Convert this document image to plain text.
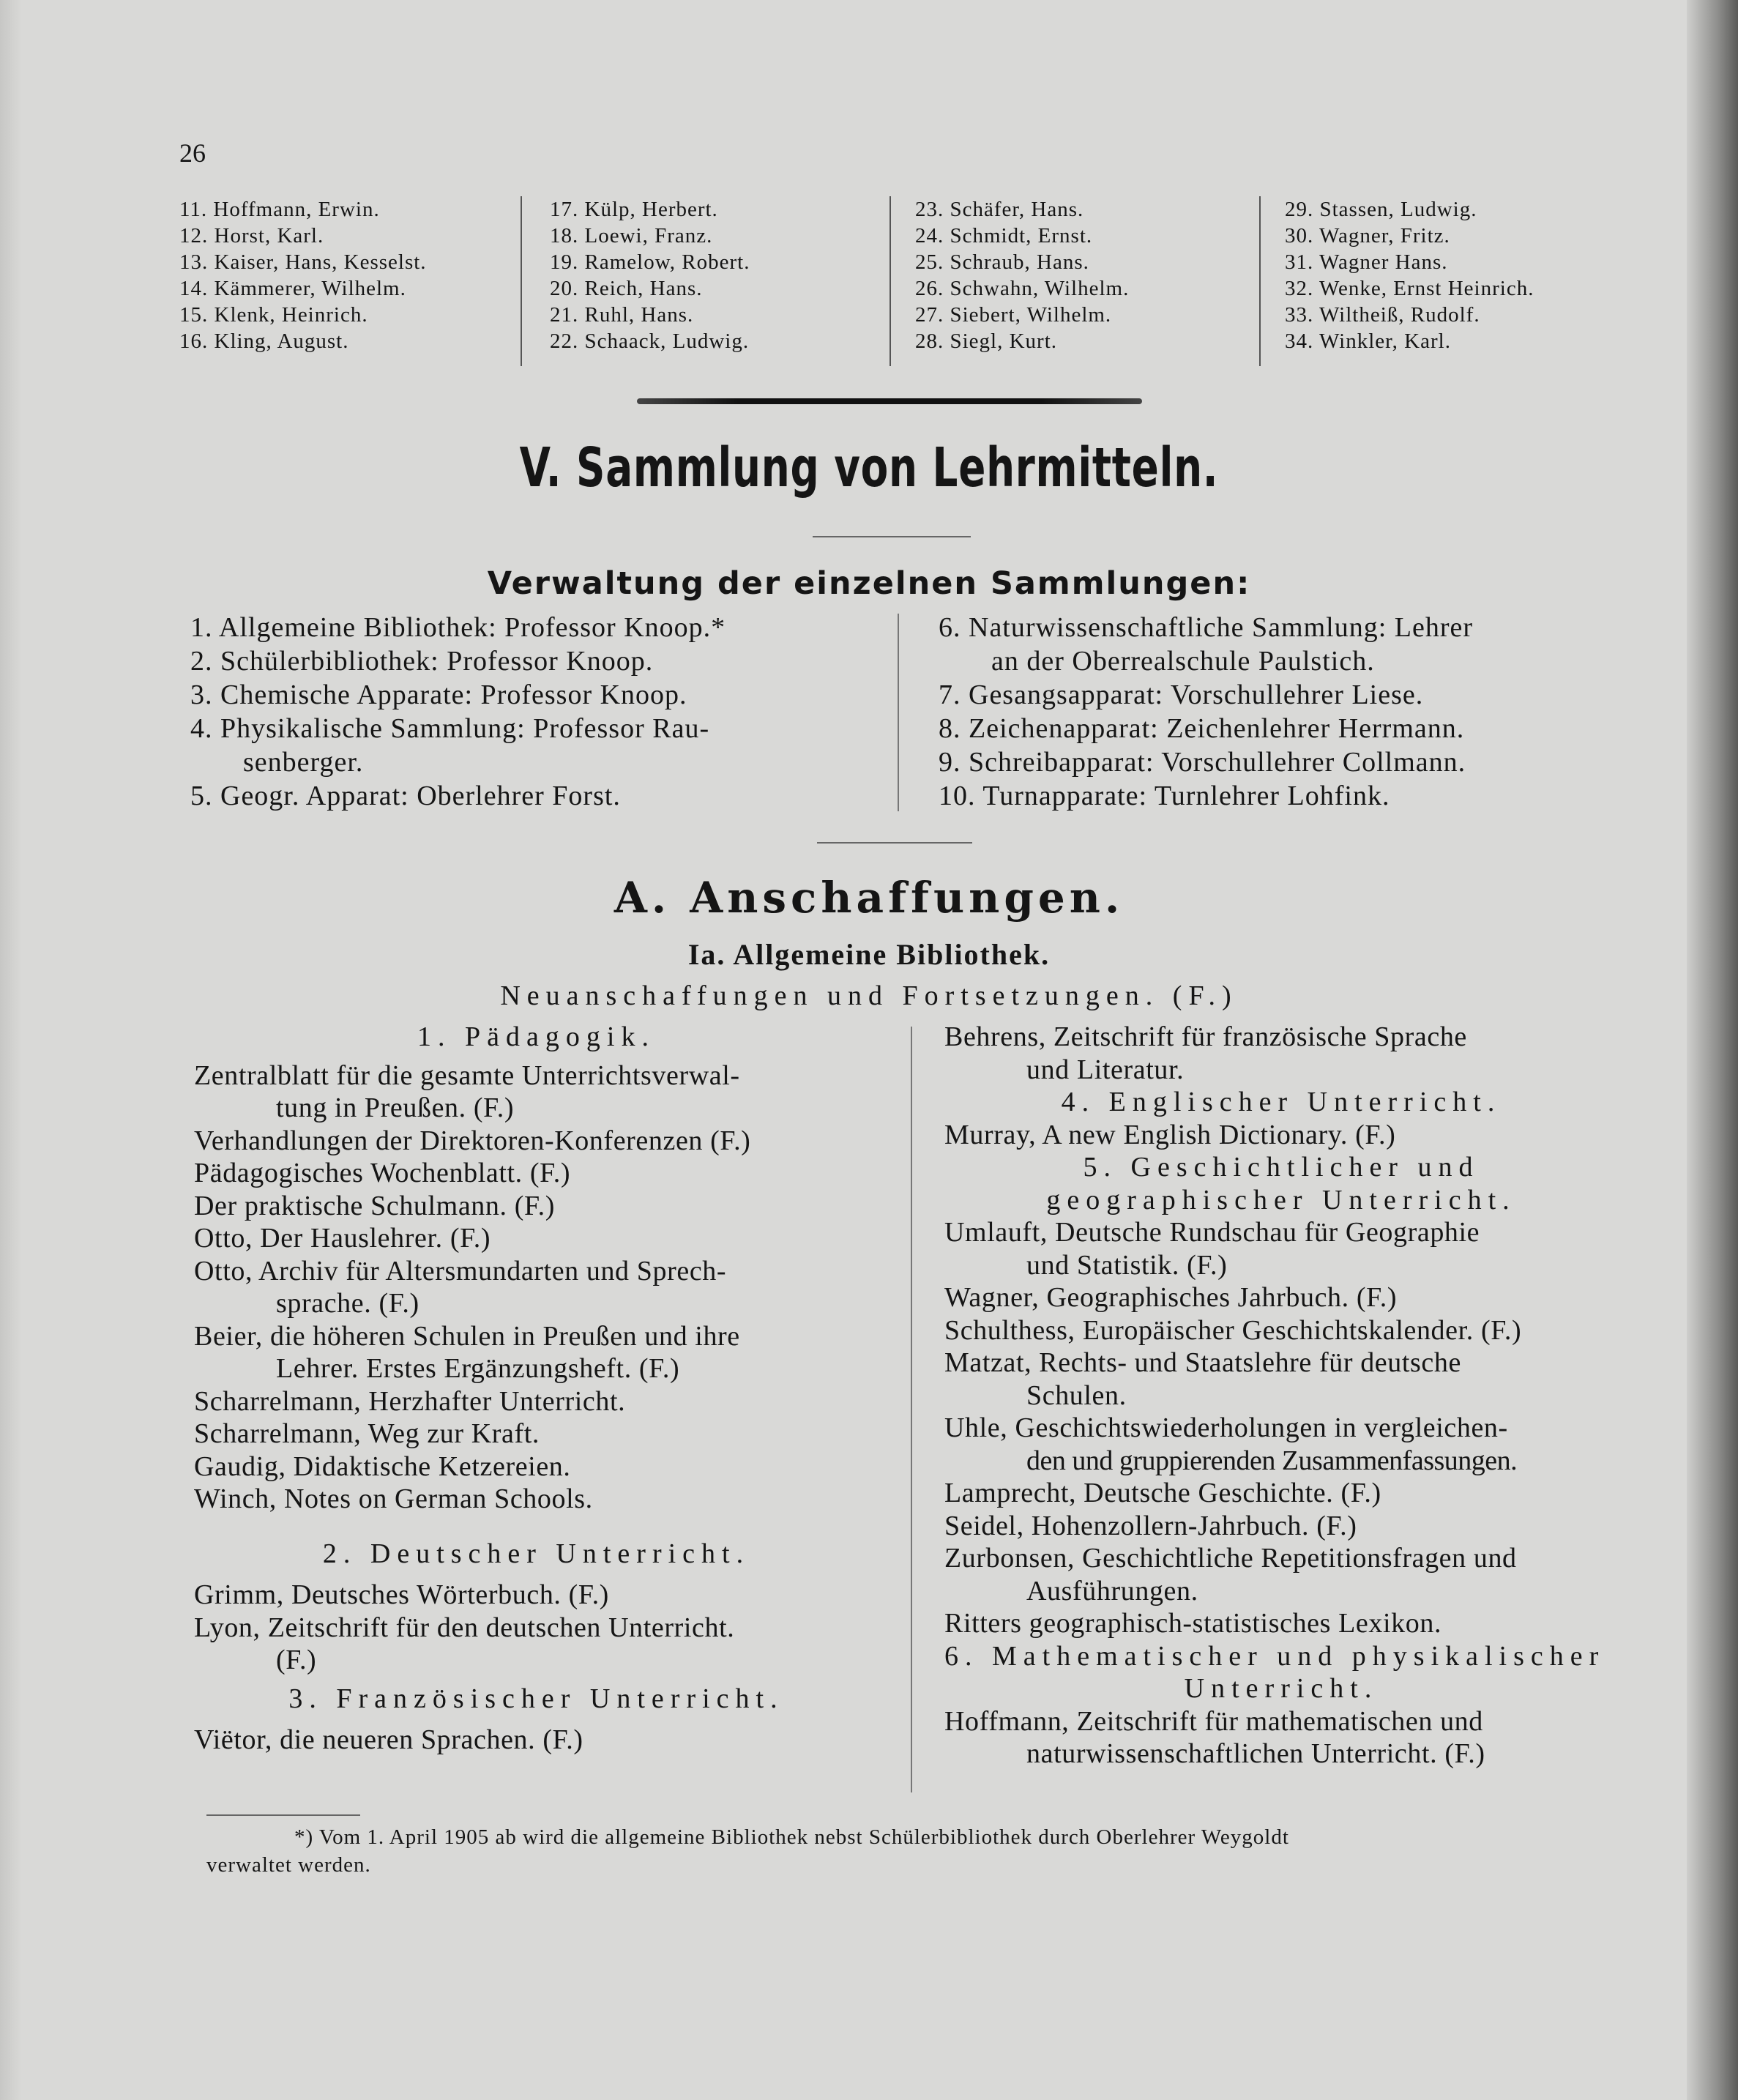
26
11. Hoffmann, Erwin.
12. Horst, Karl.
13. Kaiser, Hans, Kesselst.
14. Kämmerer, Wilhelm.
15. Klenk, Heinrich.
16. Kling, August.
17. Külp, Herbert.
18. Loewi, Franz.
19. Ramelow, Robert.
20. Reich, Hans.
21. Ruhl, Hans.
22. Schaack, Ludwig.
23. Schäfer, Hans.
24. Schmidt, Ernst.
25. Schraub, Hans.
26. Schwahn, Wilhelm.
27. Siebert, Wilhelm.
28. Siegl, Kurt.
29. Stassen, Ludwig.
30. Wagner, Fritz.
31. Wagner Hans.
32. Wenke, Ernst Heinrich.
33. Wiltheiß, Rudolf.
34. Winkler, Karl.
V. Sammlung von Lehrmitteln.
Verwaltung der einzelnen Sammlungen:
1. Allgemeine Bibliothek: Professor Knoop.*
2. Schülerbibliothek: Professor Knoop.
3. Chemische Apparate: Professor Knoop.
4. Physikalische Sammlung: Professor Rau-
senberger.
5. Geogr. Apparat: Oberlehrer Forst.
6. Naturwissenschaftliche Sammlung: Lehrer
an der Oberrealschule Paulstich.
7. Gesangsapparat: Vorschullehrer Liese.
8. Zeichenapparat: Zeichenlehrer Herrmann.
9. Schreibapparat: Vorschullehrer Collmann.
10. Turnapparate: Turnlehrer Lohfink.
A. Anschaffungen.
Ia. Allgemeine Bibliothek.
Neuanschaffungen und Fortsetzungen. (F.)
1. Pädagogik.
Zentralblatt für die gesamte Unterrichtsverwal-
tung in Preußen. (F.)
Verhandlungen der Direktoren-Konferenzen (F.)
Pädagogisches Wochenblatt. (F.)
Der praktische Schulmann. (F.)
Otto, Der Hauslehrer. (F.)
Otto, Archiv für Altersmundarten und Sprech-
sprache. (F.)
Beier, die höheren Schulen in Preußen und ihre
Lehrer. Erstes Ergänzungsheft. (F.)
Scharrelmann, Herzhafter Unterricht.
Scharrelmann, Weg zur Kraft.
Gaudig, Didaktische Ketzereien.
Winch, Notes on German Schools.
2. Deutscher Unterricht.
Grimm, Deutsches Wörterbuch. (F.)
Lyon, Zeitschrift für den deutschen Unterricht.
(F.)
3. Französischer Unterricht.
Viëtor, die neueren Sprachen. (F.)
Behrens, Zeitschrift für französische Sprache
und Literatur.
4. Englischer Unterricht.
Murray, A new English Dictionary. (F.)
5. Geschichtlicher und
geographischer Unterricht.
Umlauft, Deutsche Rundschau für Geographie
und Statistik. (F.)
Wagner, Geographisches Jahrbuch. (F.)
Schulthess, Europäischer Geschichtskalender. (F.)
Matzat, Rechts- und Staatslehre für deutsche
Schulen.
Uhle, Geschichtswiederholungen in vergleichen-
den und gruppierenden Zusammenfassungen.
Lamprecht, Deutsche Geschichte. (F.)
Seidel, Hohenzollern-Jahrbuch. (F.)
Zurbonsen, Geschichtliche Repetitionsfragen und
Ausführungen.
Ritters geographisch-statistisches Lexikon.
6. Mathematischer und physikalischer
Unterricht.
Hoffmann, Zeitschrift für mathematischen und
naturwissenschaftlichen Unterricht. (F.)
*) Vom 1. April 1905 ab wird die allgemeine Bibliothek nebst Schülerbibliothek durch Oberlehrer Weygoldt
verwaltet werden.
